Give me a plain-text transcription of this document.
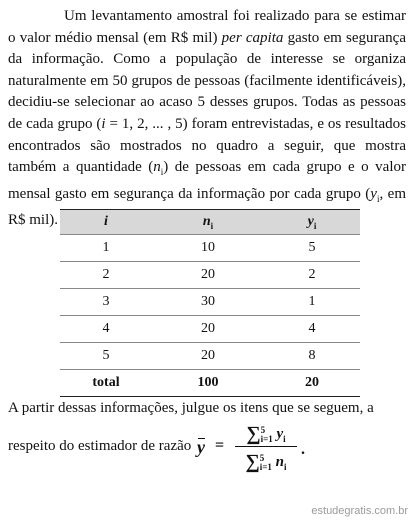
Um levantamento amostral foi realizado para se estimar o valor médio mensal (em R$ mil) per capita gasto em segurança da informação. Como a população de interesse se organiza naturalmente em 50 grupos de pessoas (facilmente identificáveis), decidiu-se selecionar ao acaso 5 desses grupos. Todas as pessoas de cada grupo (i = 1, 2, ... , 5) foram entrevistadas, e os resultados encontrados são mostrados no quadro a seguir, que mostra também a quantidade $(n_i)$ de pessoas em cada grupo e o valor mensal gasto em segurança da informação por cada grupo ($y_i$, em R$ mil).	i	$n_i$	$y_i$
1	10	5
2	20	2
3	30	1
4	20	4
5	20	8
total	100	20

A partir dessas informações, julgue os itens que se seguem, a

respeito do estimador de razão y =
∑5
i=1 $y_i$
∑5
i=1 $n_i$
.
estudegratis.com.br
